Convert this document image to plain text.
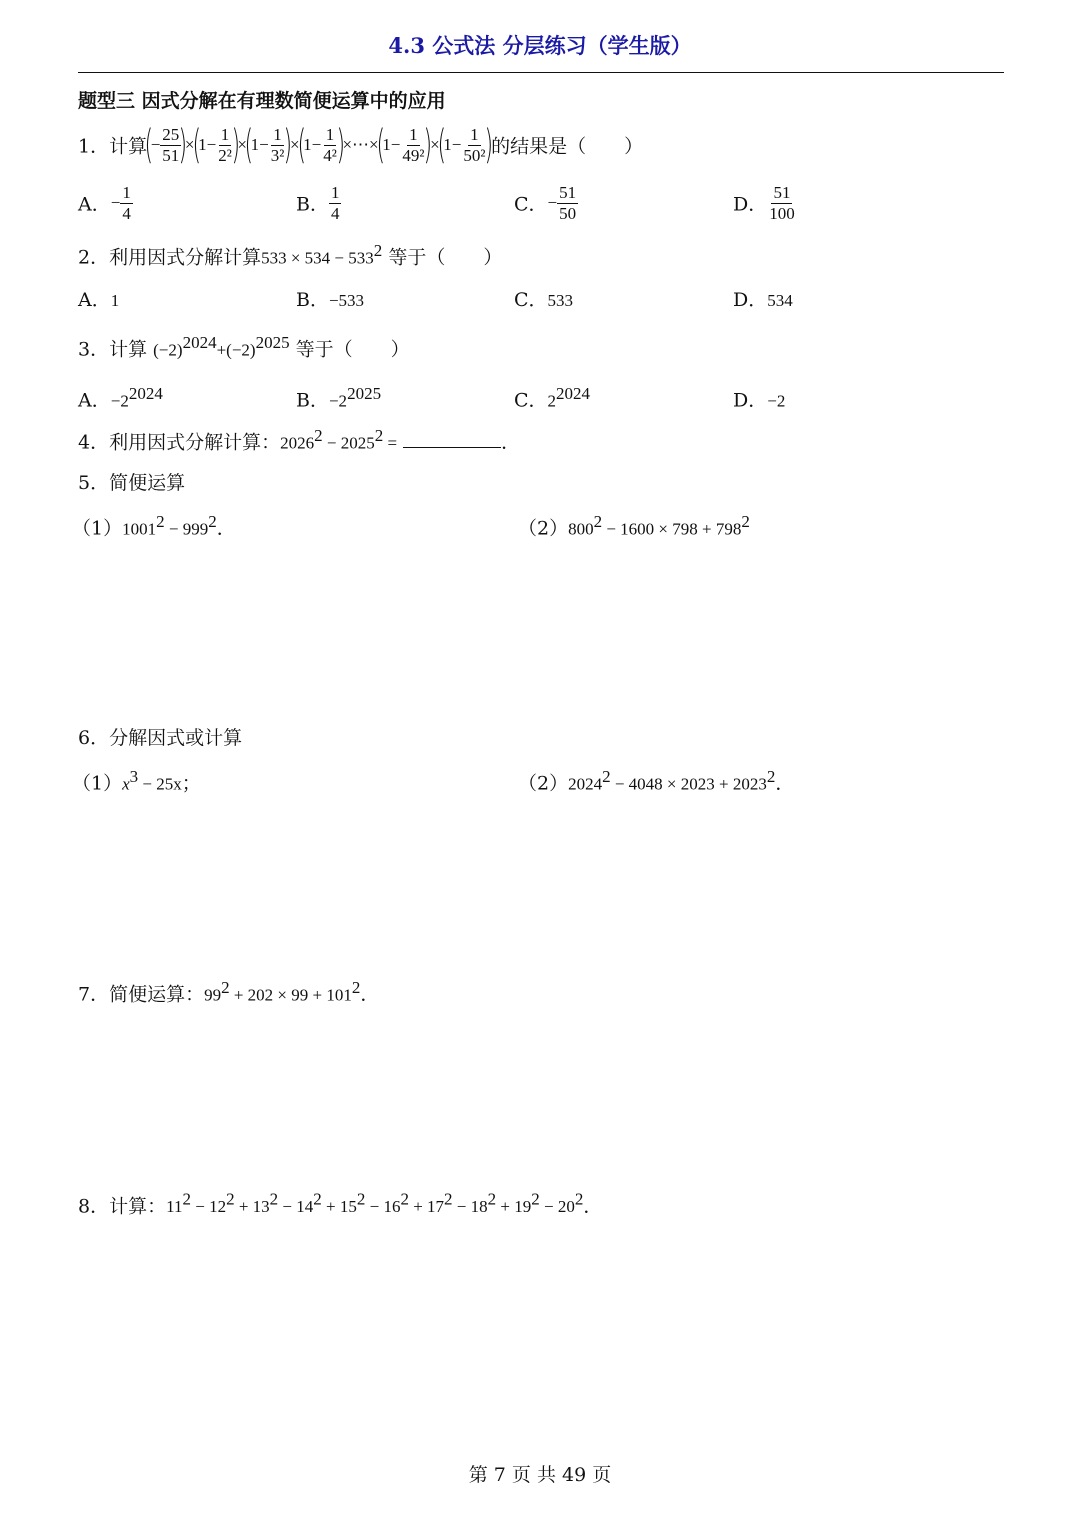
4.3 公式法 分层练习（学生版）
题型三 因式分解在有理数简便运算中的应用
1．计算(− $\frac{25}{51}$
)$\times(1- \frac{1}{\text{2²}}$
)$\times(1- \frac{1}{\text{3²}}$
)$\times(1- \frac{1}{\text{4²}}$
)×⋯×(1− $\frac{1}{\text{49²}}$
)$\times(1- \frac{1}{\text{50²}}$
)的结果是（　　）
A．− $\frac{1}{4}$	B． $\frac{1}{4}$	C．− $\frac{51}{50}$	D． $\frac{51}{100}$
2．利用因式分解计算$533 \times 534 - 533^2$ 等于（　　）
A．1	B．−533	C．533	D．534
3．计算 $(-2)^{2024}+(-2)^{2025}$ 等于（　　）
A．$-2^{2024}$	B．$-2^{2025}$	C．$2^{2024}$	D．−2
4．利用因式分解计算：$2026^2 - 2025^2$ =	．
5．简便运算
$(1)1001^2 - 999^2$．	$(2)800^2 - 1600 \times 798 + 798^2$
6．分解因式或计算
$(1)x^3 - 25x$；	$(2)2024^2 - 4048 \times 2023 + 2023^2$．
7．简便运算：$99^2 + 202 \times 99 + 101^2$．
8．计算：$11^2 - 12^2 + 13^2 - 14^2 + 15^2 - 16^2 + 17^2 - 18^2 + 19^2 - 20^2$．
第 7 页 共 49 页
